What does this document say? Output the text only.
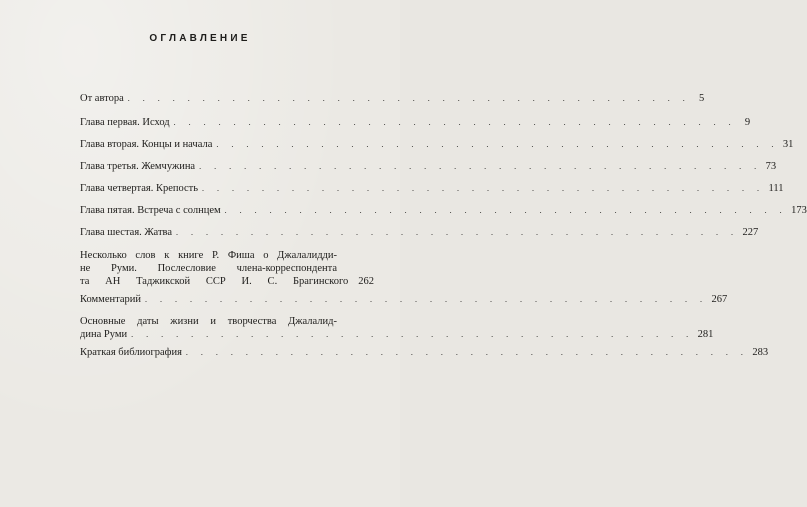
ОГЛАВЛЕНИЕ
От автора . . . . . . . . . . . . . . . . . . . . . . . . . . . . . . . . . . . . . . 5
Глава первая. Исход . . . . . . . . . . . . . . . . . . . . . . . . . . . . . . . . . . . . . . 9
Глава вторая. Концы и начала . . . . . . . . . . . . . . . . . . . . . . . . . . . . . . . . . . . . . . 31
Глава третья. Жемчужина . . . . . . . . . . . . . . . . . . . . . . . . . . . . . . . . . . . . . . 73
Глава четвертая. Крепость . . . . . . . . . . . . . . . . . . . . . . . . . . . . . . . . . . . . . . 111
Глава пятая. Встреча с солнцем . . . . . . . . . . . . . . . . . . . . . . . . . . . . . . . . . . . . . . 173
Глава шестая. Жатва . . . . . . . . . . . . . . . . . . . . . . . . . . . . . . . . . . . . . . 227
Несколько слов к книге Р. Фиша о Джалалидди-
не Руми. Послесловие члена-корреспондента
та АН Таджикской ССР И. С. Брагинского 262
Комментарий . . . . . . . . . . . . . . . . . . . . . . . . . . . . . . . . . . . . . . 267
Основные даты жизни и творчества Джалалид-
дина Руми . . . . . . . . . . . . . . . . . . . . . . . . . . . . . . . . . . . . . . 281
Краткая библиография . . . . . . . . . . . . . . . . . . . . . . . . . . . . . . . . . . . . . . 283
